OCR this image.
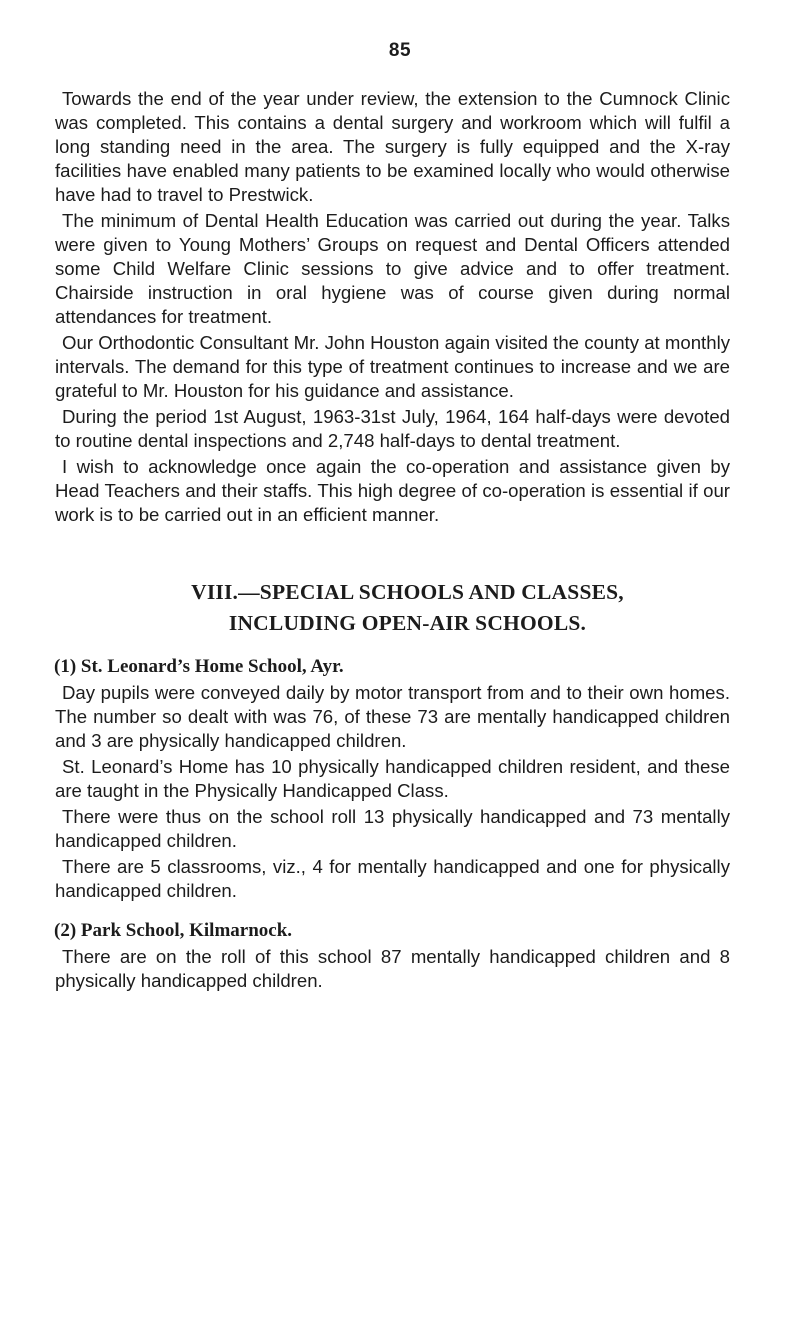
85

Towards the end of the year under review, the extension to the Cumnock Clinic was completed. This contains a dental surgery and workroom which will fulfil a long standing need in the area. The surgery is fully equipped and the X-ray facilities have enabled many patients to be examined locally who would otherwise have had to travel to Prestwick.

The minimum of Dental Health Education was carried out during the year. Talks were given to Young Mothers’ Groups on request and Dental Officers attended some Child Welfare Clinic sessions to give advice and to offer treatment. Chairside instruction in oral hygiene was of course given during normal attendances for treatment.

Our Orthodontic Consultant Mr. John Houston again visited the county at monthly intervals. The demand for this type of treatment continues to increase and we are grateful to Mr. Houston for his guidance and assistance.

During the period 1st August, 1963-31st July, 1964, 164 half-days were devoted to routine dental inspections and 2,748 half-days to dental treatment.

I wish to acknowledge once again the co-operation and assistance given by Head Teachers and their staffs. This high degree of co-operation is essential if our work is to be carried out in an efficient manner.

VIII.—SPECIAL SCHOOLS AND CLASSES,
INCLUDING OPEN-AIR SCHOOLS.
(1) St. Leonard’s Home School, Ayr.

Day pupils were conveyed daily by motor transport from and to their own homes. The number so dealt with was 76, of these 73 are mentally handicapped children and 3 are physically handicapped children.

St. Leonard’s Home has 10 physically handicapped children resident, and these are taught in the Physically Handicapped Class.

There were thus on the school roll 13 physically handicapped and 73 mentally handicapped children.

There are 5 classrooms, viz., 4 for mentally handicapped and one for physically handicapped children.

(2) Park School, Kilmarnock.

There are on the roll of this school 87 mentally handicapped children and 8 physically handicapped children.
